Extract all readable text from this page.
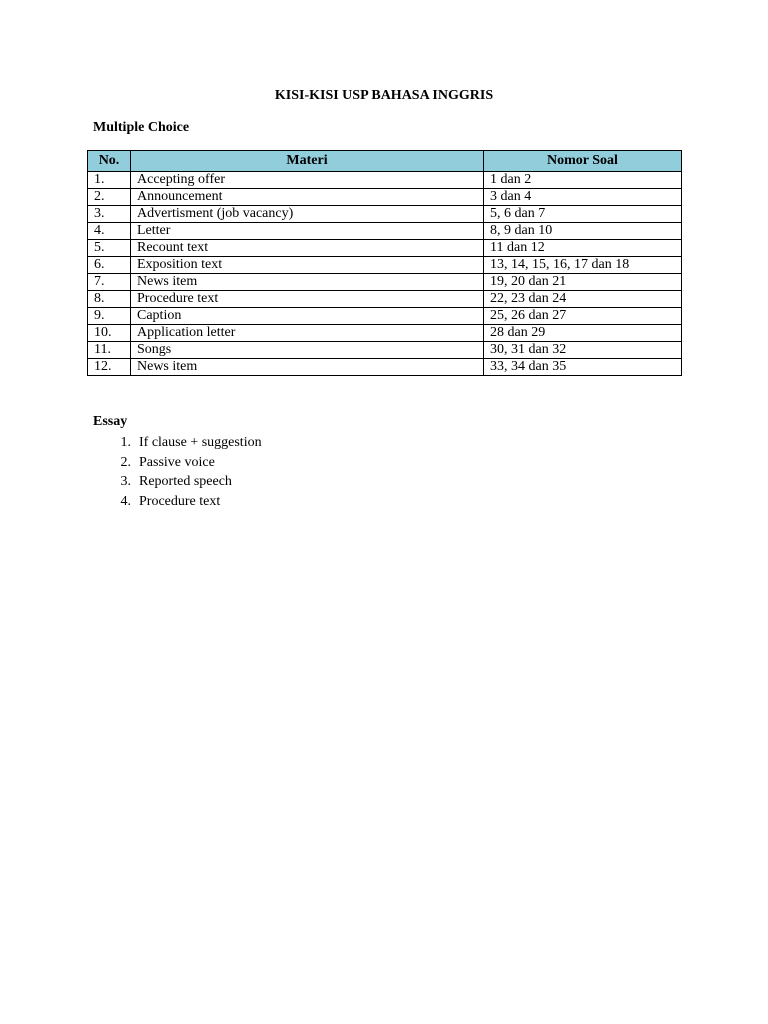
KISI-KISI USP BAHASA INGGRIS
Multiple Choice
No.	Materi	Nomor Soal
1.	Accepting offer	1 dan 2
2.	Announcement	3 dan 4
3.	Advertisment (job vacancy)	5, 6 dan 7
4.	Letter	8, 9 dan 10
5.	Recount text	11 dan 12
6.	Exposition text	13, 14, 15, 16, 17 dan 18
7.	News item	19, 20 dan 21
8.	Procedure text	22, 23 dan 24
9.	Caption	25, 26 dan 27
10.	Application letter	28 dan 29
11.	Songs	30, 31 dan 32
12.	News item	33, 34 dan 35
Essay
1. If clause + suggestion
2. Passive voice
3. Reported speech
4. Procedure text
